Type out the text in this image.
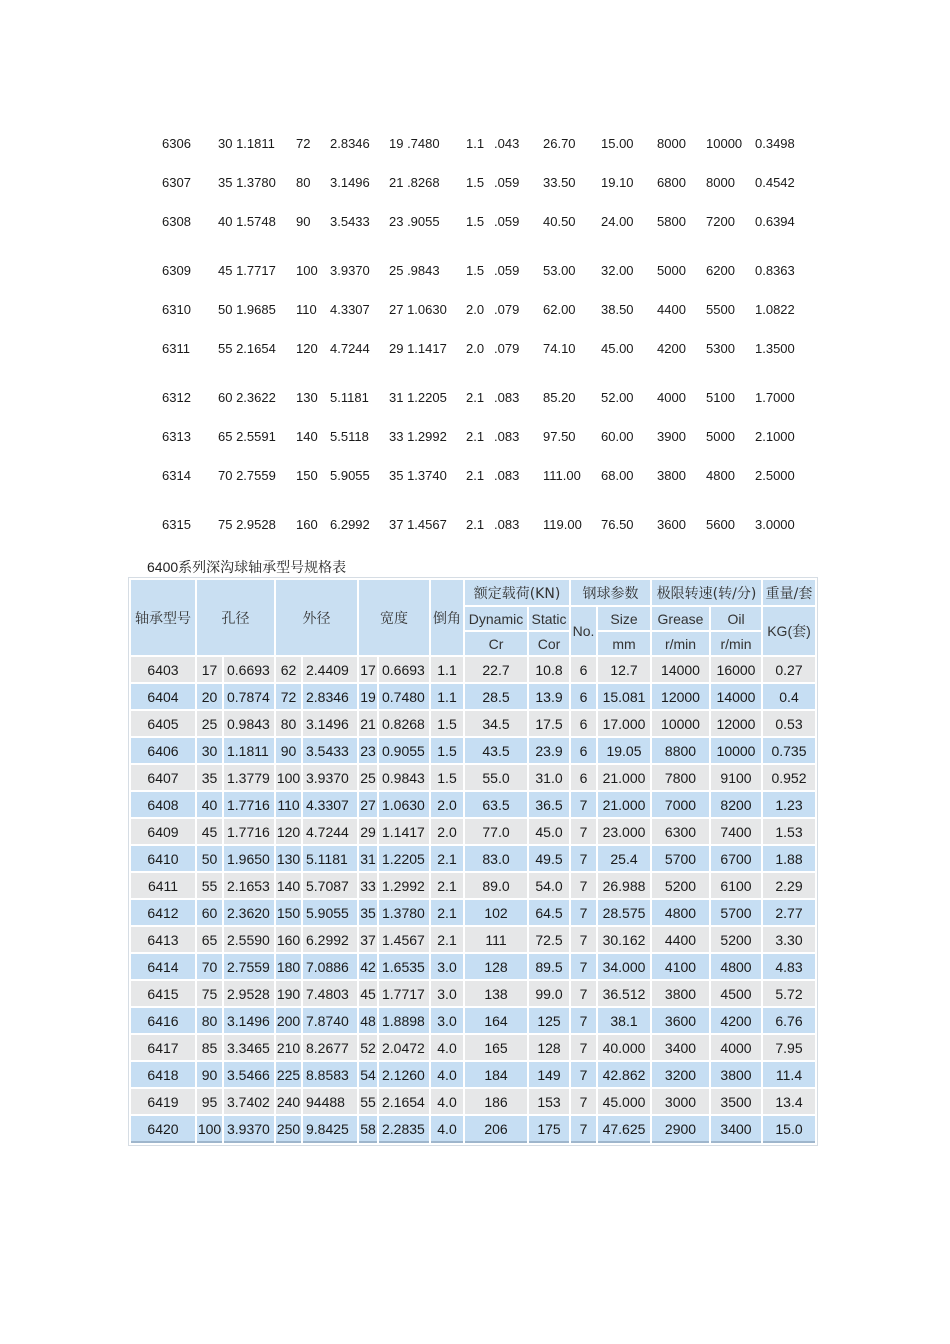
6306 30 1.1811 72 2.8346 19 .7480 1.1 .043 26.70 15.00 8000 10000 0.3498
6307 35 1.3780 80 3.1496 21 .8268 1.5 .059 33.50 19.10 6800 8000 0.4542
6308 40 1.5748 90 3.5433 23 .9055 1.5 .059 40.50 24.00 5800 7200 0.6394
6309 45 1.7717 100 3.9370 25 .9843 1.5 .059 53.00 32.00 5000 6200 0.8363
6310 50 1.9685 110 4.3307 27 1.0630 2.0 .079 62.00 38.50 4400 5500 1.0822
6311 55 2.1654 120 4.7244 29 1.1417 2.0 .079 74.10 45.00 4200 5300 1.3500
6312 60 2.3622 130 5.1181 31 1.2205 2.1 .083 85.20 52.00 4000 5100 1.7000
6313 65 2.5591 140 5.5118 33 1.2992 2.1 .083 97.50 60.00 3900 5000 2.1000
6314 70 2.7559 150 5.9055 35 1.3740 2.1 .083 111.00 68.00 3800 4800 2.5000
6315 75 2.9528 160 6.2992 37 1.4567 2.1 .083 119.00 76.50 3600 5600 3.0000
6400系列深沟球轴承型号规格表
轴承型号	孔径		外径		宽度		倒角	额定载荷(KN)		钢球参数		极限转速(转/分)		重量/套
								Dynamic	Static	No.	Size	Grease	Oil	KG(套)
								Cr	Cor		mm	r/min	r/min	
6403	17	0.6693	62	2.4409	17	0.6693	1.1	22.7	10.8	6	12.7	14000	16000	0.27
6404	20	0.7874	72	2.8346	19	0.7480	1.1	28.5	13.9	6	15.081	12000	14000	0.4
6405	25	0.9843	80	3.1496	21	0.8268	1.5	34.5	17.5	6	17.000	10000	12000	0.53
6406	30	1.1811	90	3.5433	23	0.9055	1.5	43.5	23.9	6	19.05	8800	10000	0.735
6407	35	1.3779	100	3.9370	25	0.9843	1.5	55.0	31.0	6	21.000	7800	9100	0.952
6408	40	1.7716	110	4.3307	27	1.0630	2.0	63.5	36.5	7	21.000	7000	8200	1.23
6409	45	1.7716	120	4.7244	29	1.1417	2.0	77.0	45.0	7	23.000	6300	7400	1.53
6410	50	1.9650	130	5.1181	31	1.2205	2.1	83.0	49.5	7	25.4	5700	6700	1.88
6411	55	2.1653	140	5.7087	33	1.2992	2.1	89.0	54.0	7	26.988	5200	6100	2.29
6412	60	2.3620	150	5.9055	35	1.3780	2.1	102	64.5	7	28.575	4800	5700	2.77
6413	65	2.5590	160	6.2992	37	1.4567	2.1	111	72.5	7	30.162	4400	5200	3.30
6414	70	2.7559	180	7.0886	42	1.6535	3.0	128	89.5	7	34.000	4100	4800	4.83
6415	75	2.9528	190	7.4803	45	1.7717	3.0	138	99.0	7	36.512	3800	4500	5.72
6416	80	3.1496	200	7.8740	48	1.8898	3.0	164	125	7	38.1	3600	4200	6.76
6417	85	3.3465	210	8.2677	52	2.0472	4.0	165	128	7	40.000	3400	4000	7.95
6418	90	3.5466	225	8.8583	54	2.1260	4.0	184	149	7	42.862	3200	3800	11.4
6419	95	3.7402	240	94488	55	2.1654	4.0	186	153	7	45.000	3000	3500	13.4
6420	100	3.9370	250	9.8425	58	2.2835	4.0	206	175	7	47.625	2900	3400	15.0
